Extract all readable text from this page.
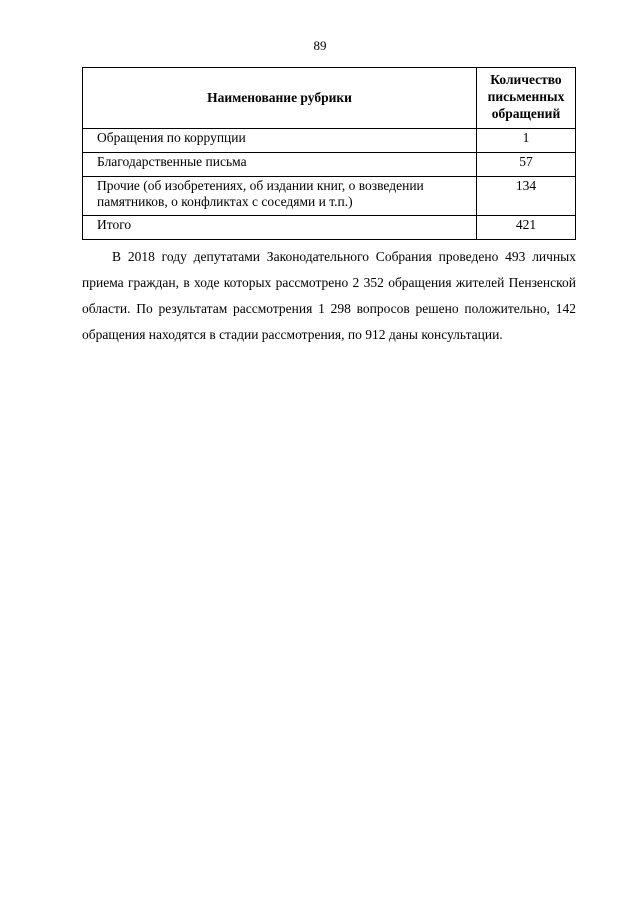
89
Наименование рубрики	Количество письменных обращений
Обращения по коррупции	1
Благодарственные письма	57
Прочие (об изобретениях, об издании книг, о возведении памятников, о конфликтах с соседями и т.п.)	134
Итого	421

В 2018 году депутатами Законодательного Собрания проведено 493 личных приема граждан, в ходе которых рассмотрено 2 352 обращения жителей Пензенской области. По результатам рассмотрения 1 298 вопросов решено положительно, 142 обращения находятся в стадии рассмотрения, по 912 даны консультации.
